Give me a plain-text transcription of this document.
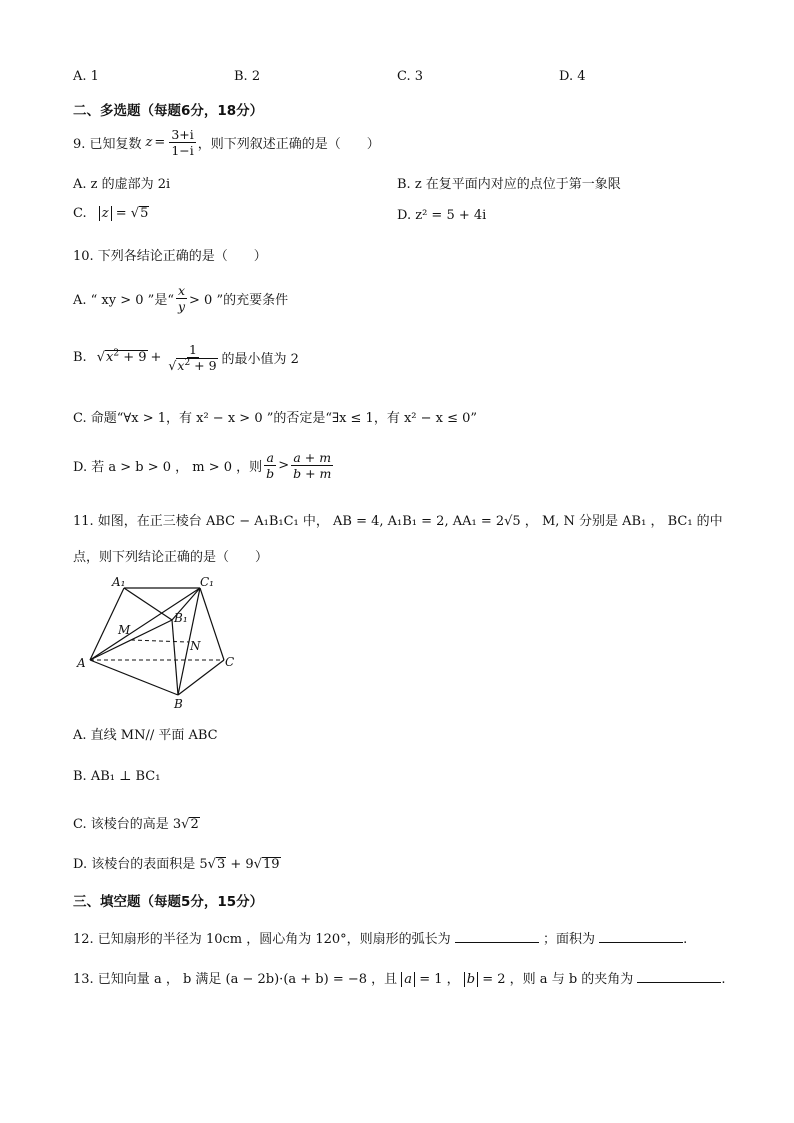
A. 1	B. 2	C. 3	D. 4
二、多选题（每题6分，18分）
9. 已知复数 $z = \frac{3+i}{1-i}$ ，则下列叙述正确的是（　　）
A. z 的虚部为 2i	B. z 在复平面内对应的点位于第一象限
C. z = √5	D. z² = 5 + 4i
10. 下列各结论正确的是（　　）
A. “ xy > 0 ”是“ $\frac{x}{y} > 0$ ”的充要条件
B. $√x^2 + 9 + \frac{1}{√x^2 + 9}$ 的最小值为 2
C. 命题“∀x > 1，有 x² − x > 0 ”的否定是“∃x ≤ 1，有 x² − x ≤ 0”
D. 若 a > b > 0 ， m > 0 ，则 $\frac{a}{b} > \frac{a + m}{b + m}$
11. 如图，在正三棱台 ABC − A₁B₁C₁ 中， AB = 4, A₁B₁ = 2, AA₁ = 2√5 ， M, N 分别是 AB₁ ， BC₁ 的中
点，则下列结论正确的是（　　）
A₁	C₁
B₁
M
N
A	C
B
A. 直线 MN// 平面 ABC
B. AB₁ ⊥ BC₁
C. 该棱台的高是 3√2
D. 该棱台的表面积是 5√3 + 9√19
三、填空题（每题5分，15分）
12. 已知扇形的半径为 10cm ，圆心角为 120°，则扇形的弧长为	；面积为	.
13. 已知向量 a ， b 满足 (a − 2b)·(a + b) = −8 ，且 a = 1 ， b = 2 ，则 a 与 b 的夹角为	.
